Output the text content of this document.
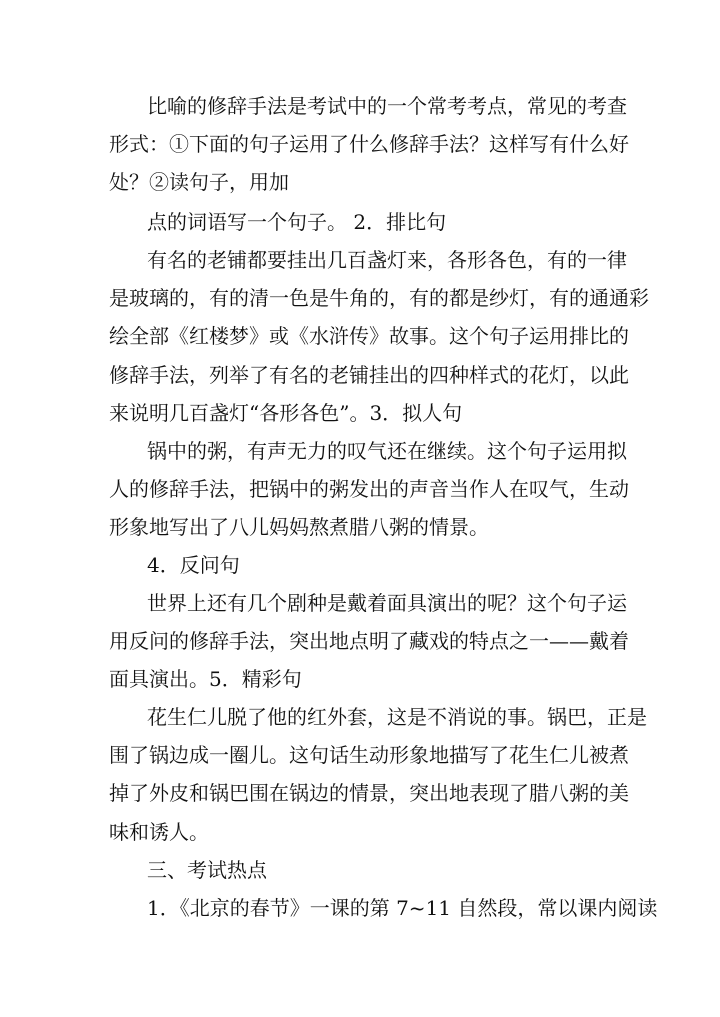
比喻的修辞手法是考试中的一个常考考点，常见的考查
形式：①下面的句子运用了什么修辞手法？这样写有什么好
处？②读句子，用加
点的词语写一个句子。 2．排比句
有名的老铺都要挂出几百盏灯来，各形各色，有的一律
是玻璃的，有的清一色是牛角的，有的都是纱灯，有的通通彩
绘全部《红楼梦》或《水浒传》故事。这个句子运用排比的
修辞手法，列举了有名的老铺挂出的四种样式的花灯，以此
来说明几百盏灯“各形各色”。3．拟人句
锅中的粥，有声无力的叹气还在继续。这个句子运用拟
人的修辞手法，把锅中的粥发出的声音当作人在叹气，生动
形象地写出了八儿妈妈熬煮腊八粥的情景。
4．反问句
世界上还有几个剧种是戴着面具演出的呢？这个句子运
用反问的修辞手法，突出地点明了藏戏的特点之一——戴着
面具演出。5．精彩句
花生仁儿脱了他的红外套，这是不消说的事。锅巴，正是
围了锅边成一圈儿。这句话生动形象地描写了花生仁儿被煮
掉了外皮和锅巴围在锅边的情景，突出地表现了腊八粥的美
味和诱人。
三、考试热点
1．《北京的春节》一课的第 7~11 自然段，常以课内阅读
